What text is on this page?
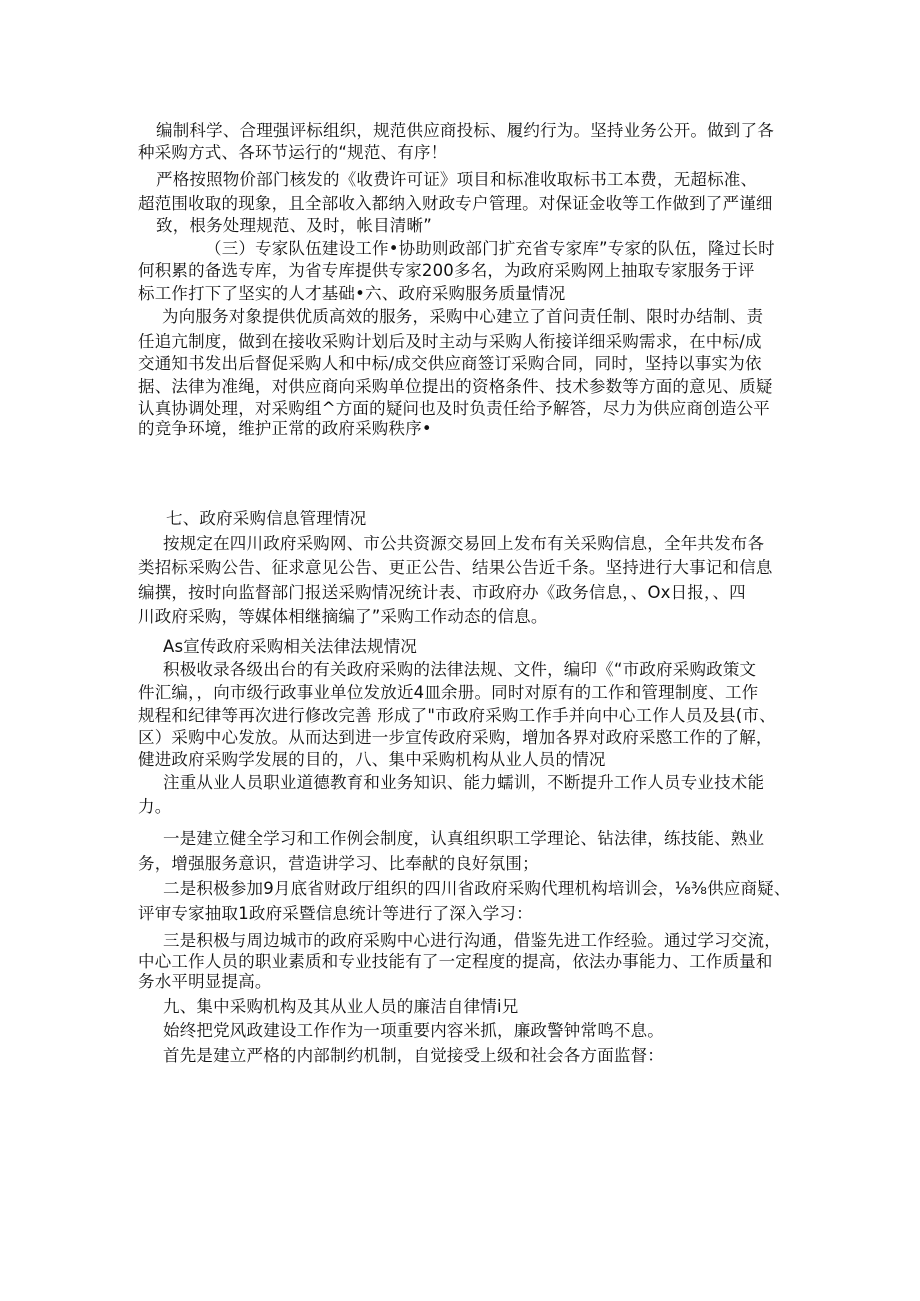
编制科学、合理强评标组织，规范供应商投标、履约行为。坚持业务公开。做到了各
种采购方式、各环节运行的“规范、有序！
严格按照物价部门核发的《收费许可证》项目和标准收取标书工本费，无超标准、
超范围收取的现象，且全部收入都纳入财政专户管理。对保证金收等工作做到了严谨细
致，根务处理规范、及时，帐目清晰”
（三）专家队伍建设工作•协助则政部门扩充省专家库”专家的队伍，隆过长时
何积累的备选专库，为省专库提供专家200多名，为政府采购网上抽取专家服务于评
标工作打下了坚实的人才基础•六、政府采购服务质量情况
为向服务对象提供优质高效的服务，采购中心建立了首问责任制、限时办结制、责
任追亢制度，做到在接收采购计划后及时主动与采购人衔接详细采购需求，在中标/成
交通知书发出后督促采购人和中标/成交供应商签订采购合同，同时，坚持以事实为依
据、法律为准绳，对供应商向采购单位提出的资格条件、技术参数等方面的意见、质疑
认真协调处理，对采购组^方面的疑问也及时负责任给予解答，尽力为供应商创造公平
的竞争环境，维护正常的政府采购秩序•
七、政府采购信息管理情况
按规定在四川政府采购网、市公共资源交易回上发布有关采购信息，全年共发布各
类招标采购公告、征求意见公告、更正公告、结果公告近千条。坚持进行大事记和信息
编撰，按时向监督部门报送采购情况统计表、市政府办《政务信息，、Ox日报，、四
川政府采购，等媒体相继摘编了”采购工作动态的信息。
As宣传政府采购相关法律法规情况
积极收录各级出台的有关政府采购的法律法规、文件，编印《“市政府采购政策文
件汇编，，向市级行政事业单位发放近4皿余册。同时对原有的工作和管理制度、工作
规程和纪律等再次进行修改完善 形成了"市政府采购工作手并向中心工作人员及县(市、
区）采购中心发放。从而达到进一步宣传政府采购，增加各界对政府采愍工作的了解，
健进政府采购学发展的目的，八、集中采购机构从业人员的情况
注重从业人员职业道德教育和业务知识、能力蠕训，不断提升工作人员专业技术能
力。
一是建立健全学习和工作例会制度，认真组织职工学理论、钻法律，练技能、熟业
务，增强服务意识，营造讲学习、比奉献的良好氛围；
二是积极参加9月底省财政厅组织的四川省政府采购代理机构培训会，⅛⅜供应商疑、
评审专家抽取1政府采暨信息统计等进行了深入学习：
三是积极与周边城市的政府采购中心进行沟通，借鉴先进工作经验。通过学习交流，
中心工作人员的职业素质和专业技能有了一定程度的提高，依法办事能力、工作质量和
务水平明显提高。
九、集中采购机构及其从业人员的廉洁自律情i兄
始终把党风政建设工作作为一项重要内容米抓，廉政警钟常鸣不息。
首先是建立严格的内部制约机制，自觉接受上级和社会各方面监督：
